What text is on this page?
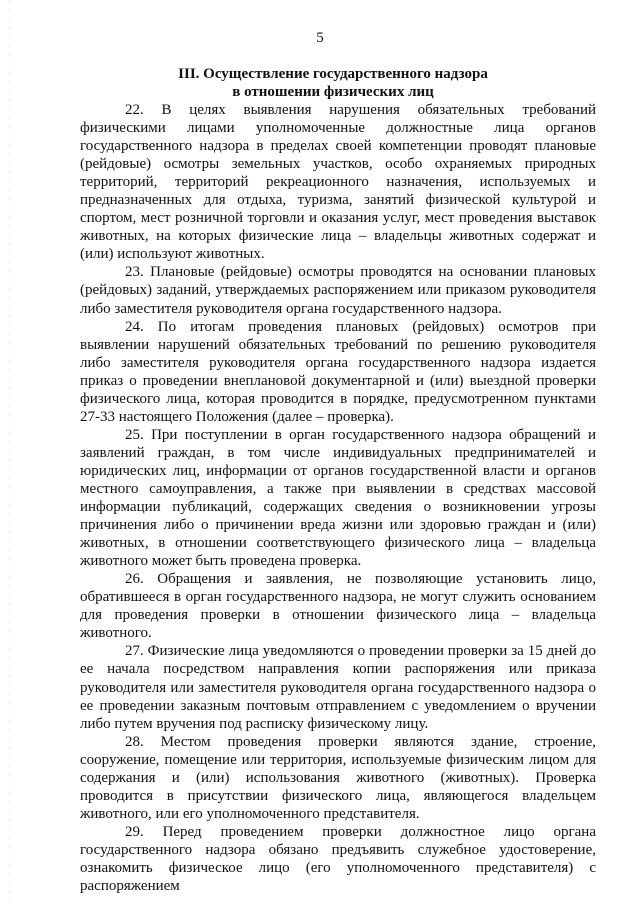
5
III. Осуществление государственного надзора
в отношении физических лиц

22. В целях выявления нарушения обязательных требований физическими лицами уполномоченные должностные лица органов государственного надзора в пределах своей компетенции проводят плановые (рейдовые) осмотры земельных участков, особо охраняемых природных территорий, территорий рекреационного назначения, используемых и предназначенных для отдыха, туризма, занятий физической культурой и спортом, мест розничной торговли и оказания услуг, мест проведения выставок животных, на которых физические лица – владельцы животных содержат и (или) используют животных.

23. Плановые (рейдовые) осмотры проводятся на основании плановых (рейдовых) заданий, утверждаемых распоряжением или приказом руководителя либо заместителя руководителя органа государственного надзора.

24. По итогам проведения плановых (рейдовых) осмотров при выявлении нарушений обязательных требований по решению руководителя либо заместителя руководителя органа государственного надзора издается приказ о проведении внеплановой документарной и (или) выездной проверки физического лица, которая проводится в порядке, предусмотренном пунктами 27-33 настоящего Положения (далее – проверка).

25. При поступлении в орган государственного надзора обращений и заявлений граждан, в том числе индивидуальных предпринимателей и юридических лиц, информации от органов государственной власти и органов местного самоуправления, а также при выявлении в средствах массовой информации публикаций, содержащих сведения о возникновении угрозы причинения либо о причинении вреда жизни или здоровью граждан и (или) животных, в отношении соответствующего физического лица – владельца животного может быть проведена проверка.

26. Обращения и заявления, не позволяющие установить лицо, обратившееся в орган государственного надзора, не могут служить основанием для проведения проверки в отношении физического лица – владельца животного.

27. Физические лица уведомляются о проведении проверки за 15 дней до ее начала посредством направления копии распоряжения или приказа руководителя или заместителя руководителя органа государственного надзора о ее проведении заказным почтовым отправлением с уведомлением о вручении либо путем вручения под расписку физическому лицу.

28. Местом проведения проверки являются здание, строение, сооружение, помещение или территория, используемые физическим лицом для содержания и (или) использования животного (животных). Проверка проводится в присутствии физического лица, являющегося владельцем животного, или его уполномоченного представителя.

29. Перед проведением проверки должностное лицо органа государственного надзора обязано предъявить служебное удостоверение, ознакомить физическое лицо (его уполномоченного представителя) с распоряжением
